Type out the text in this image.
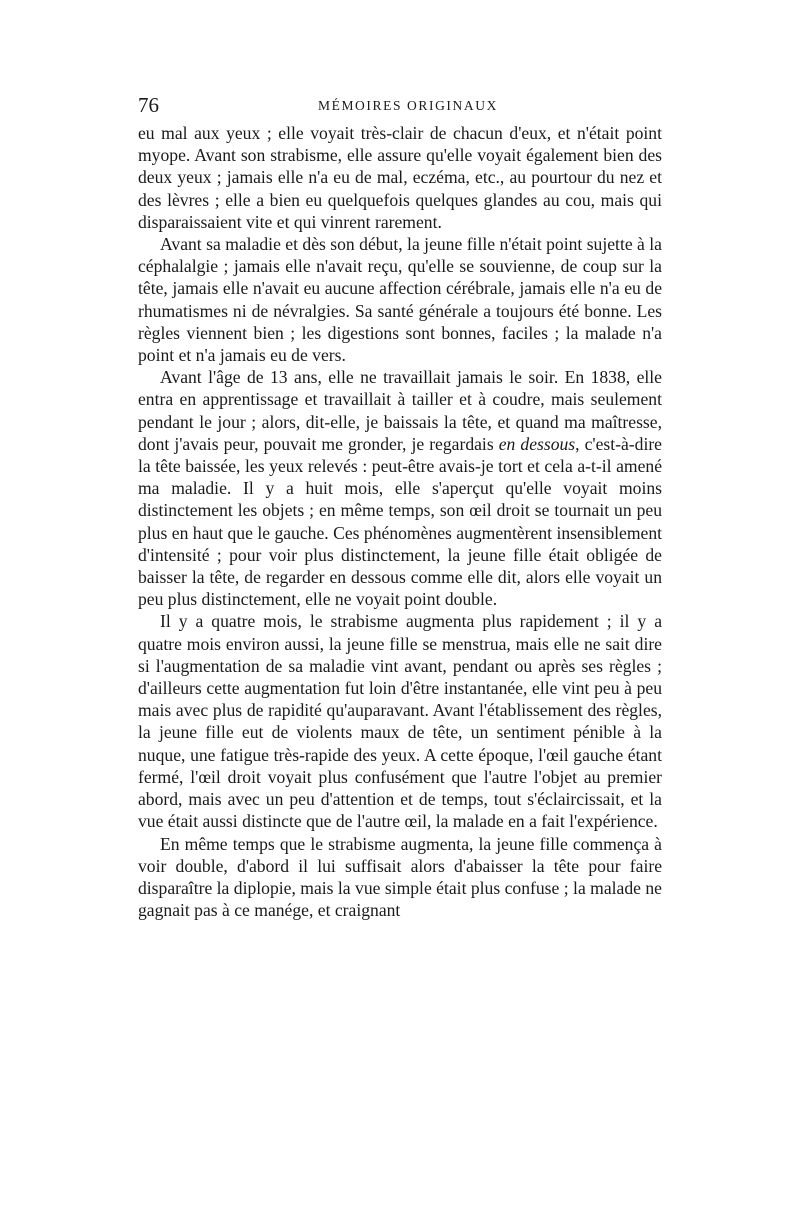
76	MÉMOIRES ORIGINAUX

eu mal aux yeux ; elle voyait très-clair de chacun d'eux, et n'était point myope. Avant son strabisme, elle assure qu'elle voyait également bien des deux yeux ; jamais elle n'a eu de mal, eczéma, etc., au pourtour du nez et des lèvres ; elle a bien eu quelquefois quelques glandes au cou, mais qui disparaissaient vite et qui vinrent rarement.

Avant sa maladie et dès son début, la jeune fille n'était point sujette à la céphalalgie ; jamais elle n'avait reçu, qu'elle se souvienne, de coup sur la tête, jamais elle n'avait eu aucune affection cérébrale, jamais elle n'a eu de rhumatismes ni de névralgies. Sa santé générale a toujours été bonne. Les règles viennent bien ; les digestions sont bonnes, faciles ; la malade n'a point et n'a jamais eu de vers.

Avant l'âge de 13 ans, elle ne travaillait jamais le soir. En 1838, elle entra en apprentissage et travaillait à tailler et à coudre, mais seulement pendant le jour ; alors, dit-elle, je baissais la tête, et quand ma maîtresse, dont j'avais peur, pouvait me gronder, je regardais en dessous, c'est-à-dire la tête baissée, les yeux relevés : peut-être avais-je tort et cela a-t-il amené ma maladie. Il y a huit mois, elle s'aperçut qu'elle voyait moins distinctement les objets ; en même temps, son œil droit se tournait un peu plus en haut que le gauche. Ces phénomènes augmentèrent insensiblement d'intensité ; pour voir plus distinctement, la jeune fille était obligée de baisser la tête, de regarder en dessous comme elle dit, alors elle voyait un peu plus distinctement, elle ne voyait point double.

Il y a quatre mois, le strabisme augmenta plus rapidement ; il y a quatre mois environ aussi, la jeune fille se menstrua, mais elle ne sait dire si l'augmentation de sa maladie vint avant, pendant ou après ses règles ; d'ailleurs cette augmentation fut loin d'être instantanée, elle vint peu à peu mais avec plus de rapidité qu'auparavant. Avant l'établissement des règles, la jeune fille eut de violents maux de tête, un sentiment pénible à la nuque, une fatigue très-rapide des yeux. A cette époque, l'œil gauche étant fermé, l'œil droit voyait plus confusément que l'autre l'objet au premier abord, mais avec un peu d'attention et de temps, tout s'éclaircissait, et la vue était aussi distincte que de l'autre œil, la malade en a fait l'expérience.

En même temps que le strabisme augmenta, la jeune fille commença à voir double, d'abord il lui suffisait alors d'abaisser la tête pour faire disparaître la diplopie, mais la vue simple était plus confuse ; la malade ne gagnait pas à ce manége, et craignant
